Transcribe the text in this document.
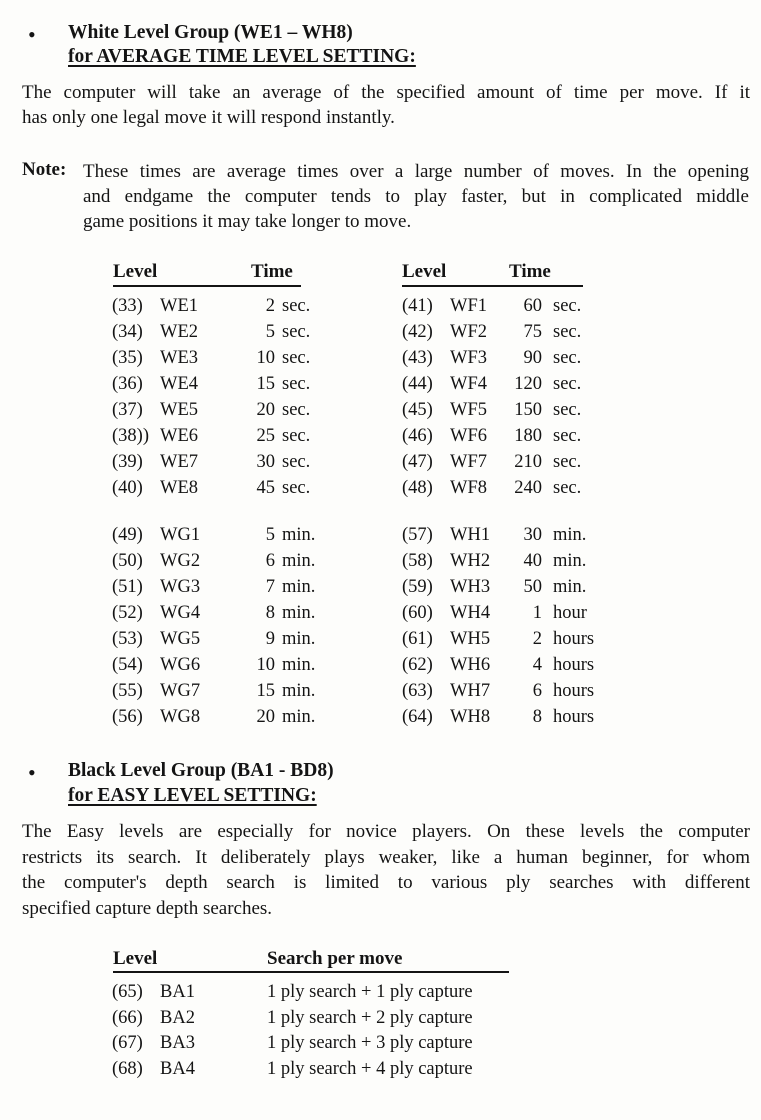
• White Level Group (WE1 – WH8)
for AVERAGE TIME LEVEL SETTING:
The computer will take an average of the specified amount of time per move. If it
has only one legal move it will respond instantly.
Note: These times are average times over a large number of moves. In the opening
and endgame the computer tends to play faster, but in complicated middle
game positions it may take longer to move.
Level	Time	Level	Time
(33) WE1	2 sec.	(41) WF1 60 sec.
(34) WE2	5 sec.	(42) WF2 75 sec.
(35) WE3	10 sec.	(43) WF3 90 sec.
(36) WE4	15 sec.	(44) WF4 120 sec.
(37) WE5	20 sec.	(45) WF5 150 sec.
(38)) WE6	25 sec.	(46) WF6 180 sec.
(39) WE7	30 sec.	(47) WF7 210 sec.
(40) WE8	45 sec.	(48) WF8 240 sec.
(49) WG1	5 min.	(57) WH1 30 min.
(50) WG2	6 min.	(58) WH2 40 min.
(51) WG3	7 min.	(59) WH3 50 min.
(52) WG4	8 min.	(60) WH4 1 hour
(53) WG5	9 min.	(61) WH5 2 hours
(54) WG6	10 min.	(62) WH6 4 hours
(55) WG7	15 min.	(63) WH7 6 hours
(56) WG8	20 min.	(64) WH8 8 hours
• Black Level Group (BA1 - BD8)
for EASY LEVEL SETTING:
The Easy levels are especially for novice players. On these levels the computer
restricts its search. It deliberately plays weaker, like a human beginner, for whom
the computer's depth search is limited to various ply searches with different
specified capture depth searches.
Level	Search per move
(65) BA1	1 ply search + 1 ply capture
(66) BA2	1 ply search + 2 ply capture
(67) BA3	1 ply search + 3 ply capture
(68) BA4	1 ply search + 4 ply capture
